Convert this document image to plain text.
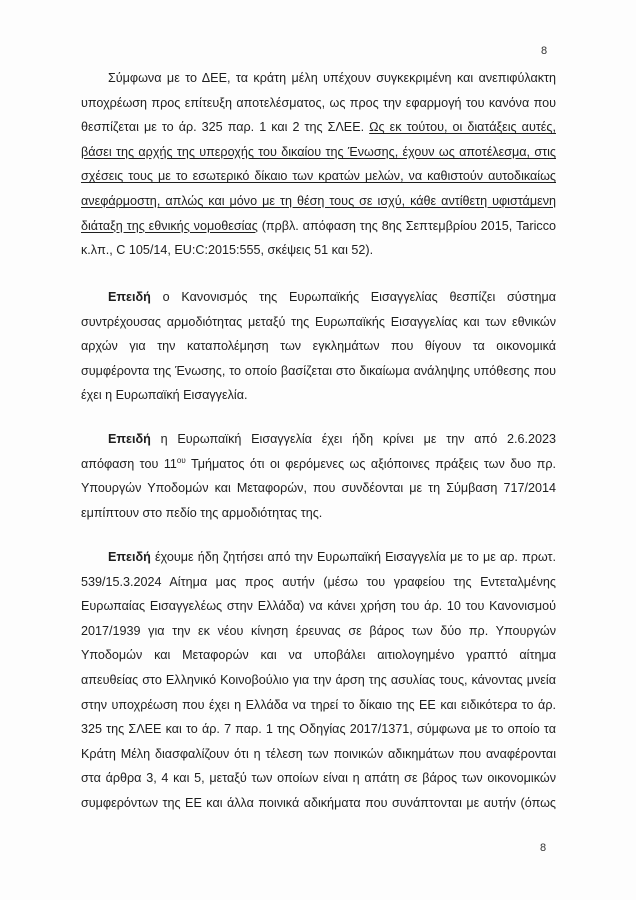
8
Σύμφωνα με το ΔΕΕ, τα κράτη μέλη υπέχουν συγκεκριμένη και ανεπιφύλακτη
υποχρέωση προς επίτευξη αποτελέσματος, ως προς την εφαρμογή του κανόνα που
θεσπίζεται με το άρ. 325 παρ. 1 και 2 της ΣΛΕΕ. Ως εκ τούτου, οι διατάξεις αυτές,
βάσει της αρχής της υπεροχής του δικαίου της Ένωσης, έχουν ως αποτέλεσμα, στις
σχέσεις τους με το εσωτερικό δίκαιο των κρατών μελών, να καθιστούν αυτοδικαίως
ανεφάρμοστη, απλώς και μόνο με τη θέση τους σε ισχύ, κάθε αντίθετη υφιστάμενη
διάταξη της εθνικής νομοθεσίας (πρβλ. απόφαση της 8ης Σεπτεμβρίου 2015, Taricco
κ.λπ., C 105/14, EU:C:2015:555, σκέψεις 51 και 52).
Επειδή ο Κανονισμός της Ευρωπαϊκής Εισαγγελίας θεσπίζει σύστημα
συντρέχουσας αρμοδιότητας μεταξύ της Ευρωπαϊκής Εισαγγελίας και των εθνικών
αρχών για την καταπολέμηση των εγκλημάτων που θίγουν τα οικονομικά
συμφέροντα της Ένωσης, το οποίο βασίζεται στο δικαίωμα ανάληψης υπόθεσης που
έχει η Ευρωπαϊκή Εισαγγελία.
Επειδή η Ευρωπαϊκή Εισαγγελία έχει ήδη κρίνει με την από 2.6.2023
απόφαση του $11^{o\upsilon}$ Τμήματος ότι οι φερόμενες ως αξιόποινες πράξεις των δυο πρ.
Υπουργών Υποδομών και Μεταφορών, που συνδέονται με τη Σύμβαση 717/2014
εμπίπτουν στο πεδίο της αρμοδιότητας της.
Επειδή έχουμε ήδη ζητήσει από την Ευρωπαϊκή Εισαγγελία με το με αρ. πρωτ.
539/15.3.2024 Αίτημα μας προς αυτήν (μέσω του γραφείου της Εντεταλμένης
Ευρωπαίας Εισαγγελέως στην Ελλάδα) να κάνει χρήση του άρ. 10 του Κανονισμού
2017/1939 για την εκ νέου κίνηση έρευνας σε βάρος των δύο πρ. Υπουργών
Υποδομών και Μεταφορών και να υποβάλει αιτιολογημένο γραπτό αίτημα
απευθείας στο Ελληνικό Κοινοβούλιο για την άρση της ασυλίας τους, κάνοντας μνεία
στην υποχρέωση που έχει η Ελλάδα να τηρεί το δίκαιο της ΕΕ και ειδικότερα το άρ.
325 της ΣΛΕΕ και το άρ. 7 παρ. 1 της Οδηγίας 2017/1371, σύμφωνα με το οποίο τα
Κράτη Μέλη διασφαλίζουν ότι η τέλεση των ποινικών αδικημάτων που αναφέρονται
στα άρθρα 3, 4 και 5, μεταξύ των οποίων είναι η απάτη σε βάρος των οικονομικών
συμφερόντων της ΕΕ και άλλα ποινικά αδικήματα που συνάπτονται με αυτήν (όπως
8
